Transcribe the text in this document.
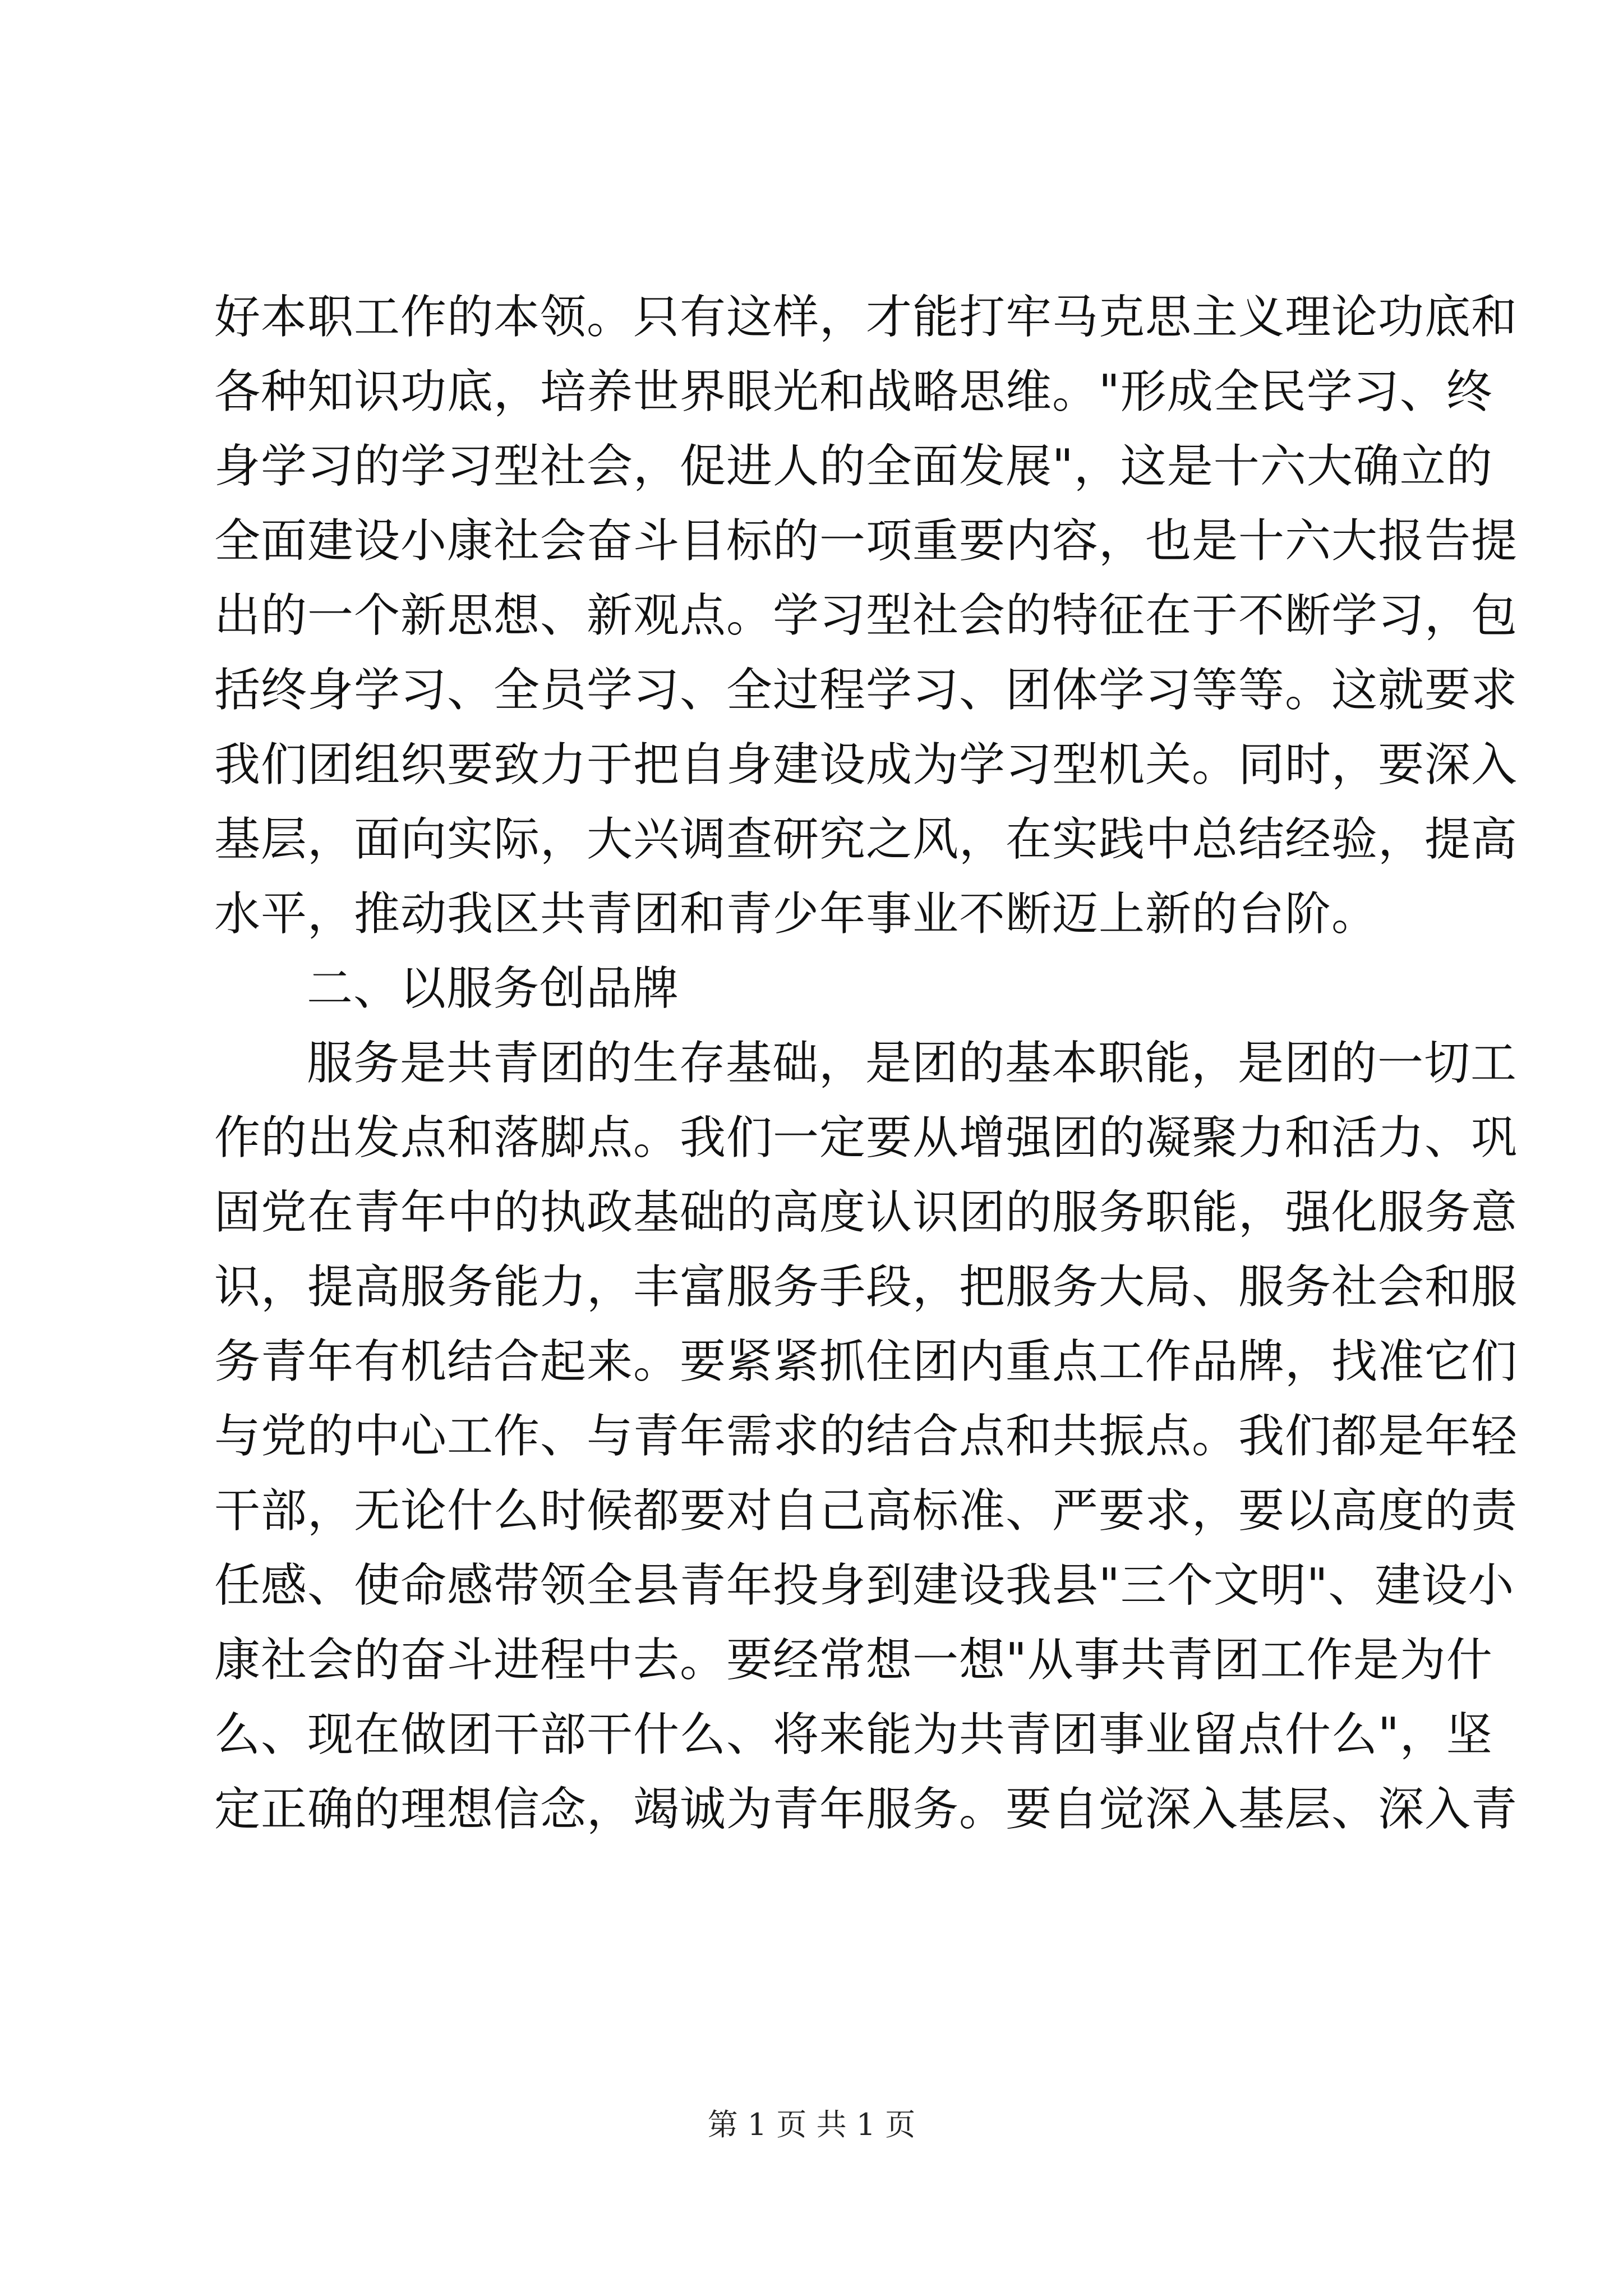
好本职工作的本领。只有这样，才能打牢马克思主义理论功底和
各种知识功底，培养世界眼光和战略思维。"形成全民学习、终
身学习的学习型社会，促进人的全面发展"，这是十六大确立的
全面建设小康社会奋斗目标的一项重要内容，也是十六大报告提
出的一个新思想、新观点。学习型社会的特征在于不断学习，包
括终身学习、全员学习、全过程学习、团体学习等等。这就要求
我们团组织要致力于把自身建设成为学习型机关。同时，要深入
基层，面向实际，大兴调查研究之风，在实践中总结经验，提高
水平，推动我区共青团和青少年事业不断迈上新的台阶。
二、以服务创品牌
服务是共青团的生存基础，是团的基本职能，是团的一切工
作的出发点和落脚点。我们一定要从增强团的凝聚力和活力、巩
固党在青年中的执政基础的高度认识团的服务职能，强化服务意
识，提高服务能力，丰富服务手段，把服务大局、服务社会和服
务青年有机结合起来。要紧紧抓住团内重点工作品牌，找准它们
与党的中心工作、与青年需求的结合点和共振点。我们都是年轻
干部，无论什么时候都要对自己高标准、严要求，要以高度的责
任感、使命感带领全县青年投身到建设我县"三个文明"、建设小
康社会的奋斗进程中去。要经常想一想"从事共青团工作是为什
么、现在做团干部干什么、将来能为共青团事业留点什么"，坚
定正确的理想信念，竭诚为青年服务。要自觉深入基层、深入青
第 1 页 共 1 页
